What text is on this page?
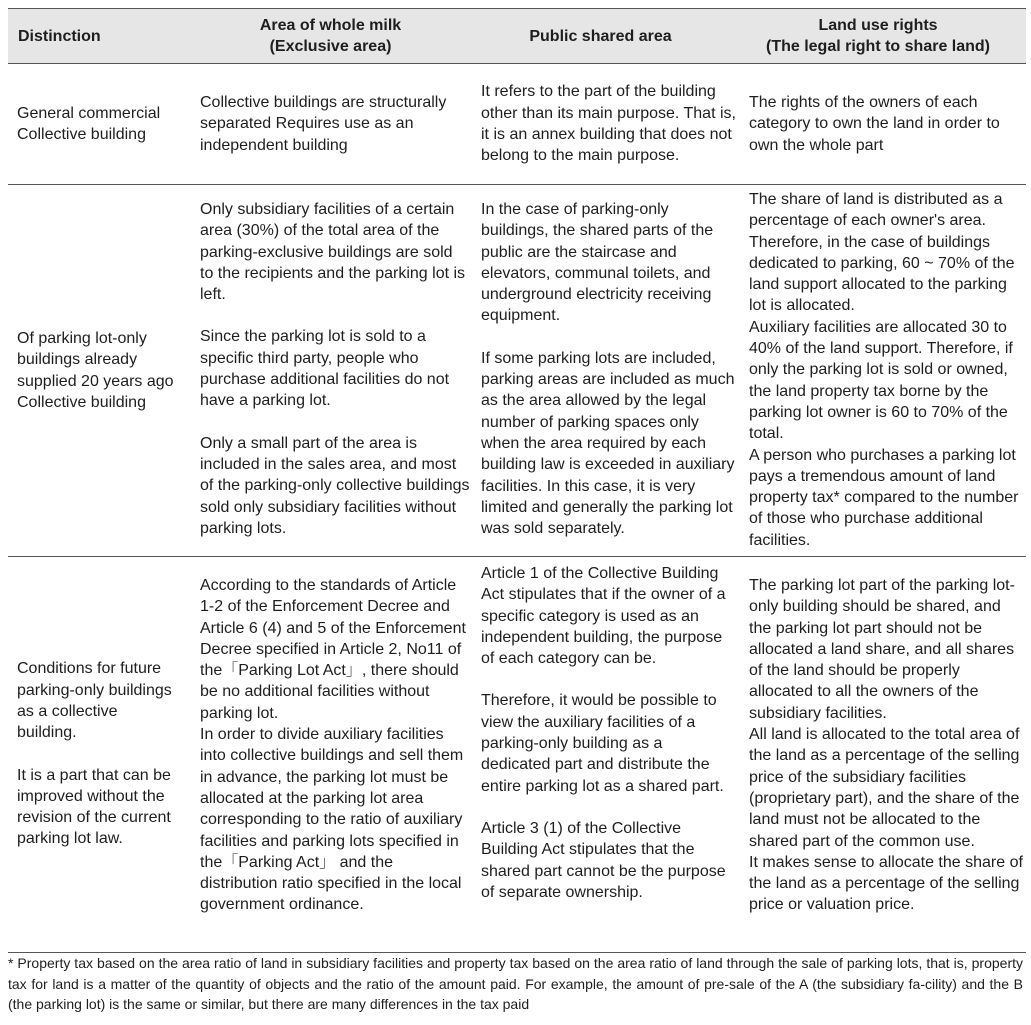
Distinction
Area of whole milk
(Exclusive area)
Public shared area
Land use rights
(The legal right to share land)

General commercial

Collective building

Collective buildings are structurally separated Requires use as an independent building

It refers to the part of the building other than its main purpose. That is, it is an annex building that does not belong to the main purpose.

The rights of the owners of each category to own the land in order to own the whole part

Of parking lot-only buildings already supplied 20 years ago Collective building

Only subsidiary facilities of a certain area (30%) of the total area of the parking-exclusive buildings are sold to the recipients and the parking lot is left.

Since the parking lot is sold to a specific third party, people who purchase additional facilities do not have a parking lot.

Only a small part of the area is included in the sales area, and most of the parking-only collective buildings sold only subsidiary facilities without parking lots.

In the case of parking-only buildings, the shared parts of the public are the staircase and elevators, communal toilets, and underground electricity receiving equipment.

If some parking lots are included, parking areas are included as much as the area allowed by the legal number of parking spaces only when the area required by each building law is exceeded in auxiliary facilities. In this case, it is very limited and generally the parking lot was sold separately.

The share of land is distributed as a percentage of each owner's area. Therefore, in the case of buildings dedicated to parking, 60 ~ 70% of the land support allocated to the parking lot is allocated.

Auxiliary facilities are allocated 30 to 40% of the land support. Therefore, if only the parking lot is sold or owned, the land property tax borne by the parking lot owner is 60 to 70% of the total.

A person who purchases a parking lot pays a tremendous amount of land property tax* compared to the number of those who purchase additional facilities.

Conditions for future parking-only buildings as a collective building.

It is a part that can be improved without the revision of the current parking lot law.

According to the standards of Article 1-2 of the Enforcement Decree and Article 6 (4) and 5 of the Enforcement Decree specified in Article 2, No11 of the「Parking Lot Act」, there should be no additional facilities without parking lot.

In order to divide auxiliary facilities into collective buildings and sell them in advance, the parking lot must be allocated at the parking lot area corresponding to the ratio of auxiliary facilities and parking lots specified in the「Parking Act」 and the distribution ratio specified in the local government ordinance.

Article 1 of the Collective Building Act stipulates that if the owner of a specific category is used as an independent building, the purpose of each category can be.

Therefore, it would be possible to view the auxiliary facilities of a parking-only building as a dedicated part and distribute the entire parking lot as a shared part.

Article 3 (1) of the Collective Building Act stipulates that the shared part cannot be the purpose of separate ownership.

The parking lot part of the parking lot-only building should be shared, and the parking lot part should not be allocated a land share, and all shares of the land should be properly allocated to all the owners of the subsidiary facilities.

All land is allocated to the total area of the land as a percentage of the selling price of the subsidiary facilities (proprietary part), and the share of the land must not be allocated to the shared part of the common use.

It makes sense to allocate the share of the land as a percentage of the selling price or valuation price.

* Property tax based on the area ratio of land in subsidiary facilities and property tax based on the area ratio of land through the sale of parking lots, that is, property tax for land is a matter of the quantity of objects and the ratio of the amount paid. For example, the amount of pre-sale of the A (the subsidiary fa-cility) and the B (the parking lot) is the same or similar, but there are many differences in the tax paid
